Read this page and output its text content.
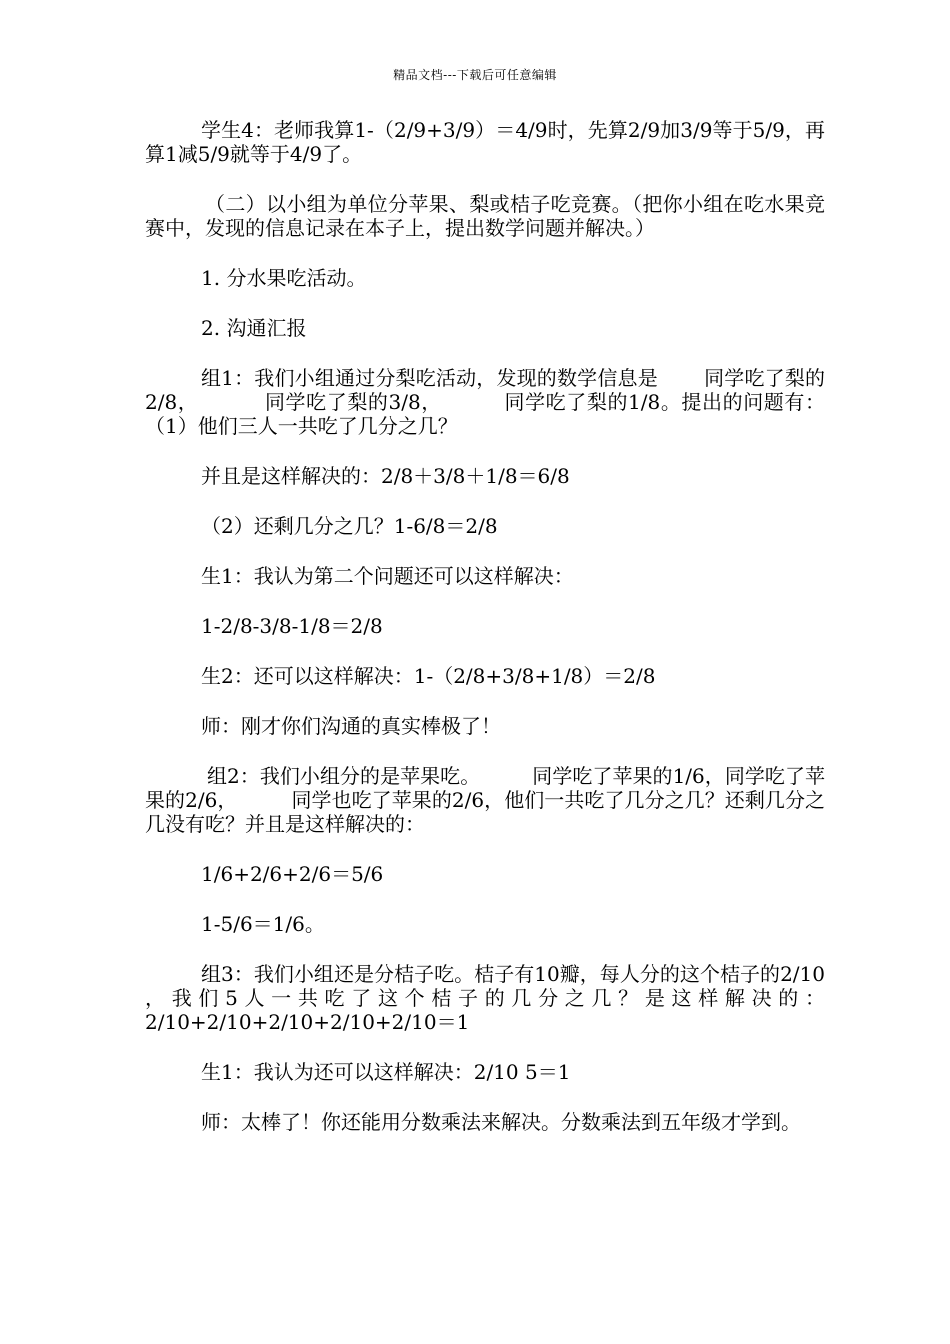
精品文档---下载后可任意编辑

学生4：老师我算1-（2/9+3/9）＝4/9时，先算2/9加3/9等于5/9，再算1减5/9就等于4/9了。

（二）以小组为单位分苹果、梨或桔子吃竞赛。（把你小组在吃水果竞赛中，发现的信息记录在本子上，提出数学问题并解决。）

1. 分水果吃活动。

2. 沟通汇报

组1：我们小组通过分梨吃活动，发现的数学信息是 同学吃了梨的2/8，	同学吃了梨的3/8，	同学吃了梨的1/8。提出的问题有：（1）他们三人一共吃了几分之几？

并且是这样解决的：2/8＋3/8＋1/8＝6/8

（2）还剩几分之几？1-6/8＝2/8

生1：我认为第二个问题还可以这样解决：

1-2/8-3/8-1/8＝2/8

生2：还可以这样解决：1-（2/8+3/8+1/8）＝2/8

师：刚才你们沟通的真实棒极了！

组2：我们小组分的是苹果吃。	同学吃了苹果的1/6，同学吃了苹果的2/6，	同学也吃了苹果的2/6，他们一共吃了几分之几？还剩几分之几没有吃？并且是这样解决的：

1/6+2/6+2/6＝5/6

1-5/6＝1/6。

组3：我们小组还是分桔子吃。桔子有10瓣，每人分的这个桔子的2/10 ，我们5人一共吃了这个桔子的几分之几？是这样解决的：2/10+2/10+2/10+2/10+2/10＝1

生1：我认为还可以这样解决：2/10 5＝1

师：太棒了！你还能用分数乘法来解决。分数乘法到五年级才学到。
